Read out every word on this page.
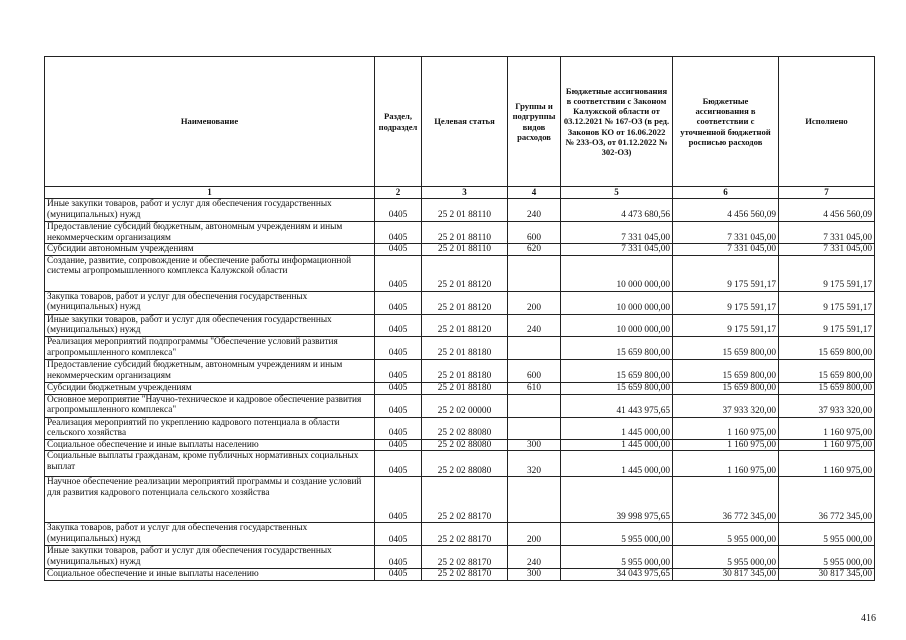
Наименование	Раздел, подраздел	Целевая статья	Группы и подгруппы видов расходов	Бюджетные ассигнования в соответствии с Законом Калужской области от 03.12.2021 № 167-ОЗ (в ред. Законов КО от 16.06.2022 № 233-ОЗ, от 01.12.2022 № 302-ОЗ)	Бюджетные ассигнования в соответствии с уточненной бюджетной росписью расходов	Исполнено
1	2	3	4	5	6	7
Иные закупки товаров, работ и услуг для обеспечения государственных (муниципальных) нужд	0405	25 2 01 88110	240	4 473 680,56	4 456 560,09	4 456 560,09
Предоставление субсидий бюджетным, автономным учреждениям и иным некоммерческим организациям	0405	25 2 01 88110	600	7 331 045,00	7 331 045,00	7 331 045,00
Субсидии автономным учреждениям	0405	25 2 01 88110	620	7 331 045,00	7 331 045,00	7 331 045,00
Создание, развитие, сопровождение и обеспечение работы информационной системы агропромышленного комплекса Калужской области	0405	25 2 01 88120		10 000 000,00	9 175 591,17	9 175 591,17
Закупка товаров, работ и услуг для обеспечения государственных (муниципальных) нужд	0405	25 2 01 88120	200	10 000 000,00	9 175 591,17	9 175 591,17
Иные закупки товаров, работ и услуг для обеспечения государственных (муниципальных) нужд	0405	25 2 01 88120	240	10 000 000,00	9 175 591,17	9 175 591,17
Реализация мероприятий подпрограммы "Обеспечение условий развития агропромышленного комплекса"	0405	25 2 01 88180		15 659 800,00	15 659 800,00	15 659 800,00
Предоставление субсидий бюджетным, автономным учреждениям и иным некоммерческим организациям	0405	25 2 01 88180	600	15 659 800,00	15 659 800,00	15 659 800,00
Субсидии бюджетным учреждениям	0405	25 2 01 88180	610	15 659 800,00	15 659 800,00	15 659 800,00
Основное мероприятие "Научно-техническое и кадровое обеспечение развития агропромышленного комплекса"	0405	25 2 02 00000		41 443 975,65	37 933 320,00	37 933 320,00
Реализация мероприятий по укреплению кадрового потенциала в области сельского хозяйства	0405	25 2 02 88080		1 445 000,00	1 160 975,00	1 160 975,00
Социальное обеспечение и иные выплаты населению	0405	25 2 02 88080	300	1 445 000,00	1 160 975,00	1 160 975,00
Социальные выплаты гражданам, кроме публичных нормативных социальных выплат	0405	25 2 02 88080	320	1 445 000,00	1 160 975,00	1 160 975,00
Научное обеспечение реализации мероприятий программы и создание условий для развития кадрового потенциала сельского хозяйства	0405	25 2 02 88170		39 998 975,65	36 772 345,00	36 772 345,00
Закупка товаров, работ и услуг для обеспечения государственных (муниципальных) нужд	0405	25 2 02 88170	200	5 955 000,00	5 955 000,00	5 955 000,00
Иные закупки товаров, работ и услуг для обеспечения государственных (муниципальных) нужд	0405	25 2 02 88170	240	5 955 000,00	5 955 000,00	5 955 000,00
Социальное обеспечение и иные выплаты населению	0405	25 2 02 88170	300	34 043 975,65	30 817 345,00	30 817 345,00
416
